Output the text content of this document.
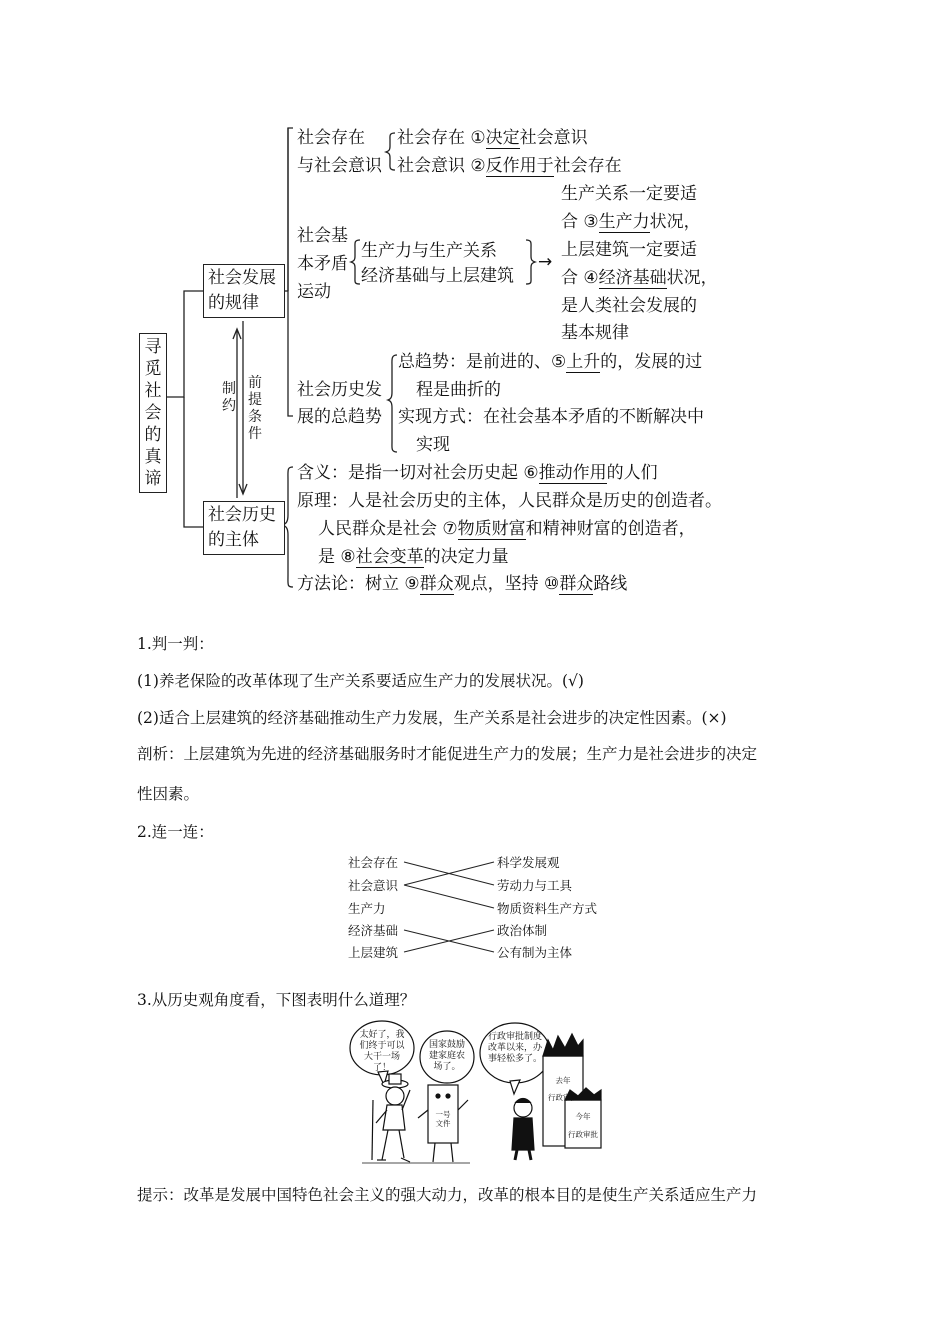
寻觅社会的真谛
社会发展
的规律
社会历史
的主体
制约
前提条件
社会存在
与社会意识
社会存在 ①决定社会意识
社会意识 ②反作用于社会存在
社会基
本矛盾
运动
生产力与生产关系
经济基础与上层建筑
→
生产关系一定要适
合 ③生产力状况，
上层建筑一定要适
合 ④经济基础状况，
是人类社会发展的
基本规律
社会历史发
展的总趋势
总趋势：是前进的、⑤上升的，发展的过
程是曲折的
实现方式：在社会基本矛盾的不断解决中
实现
含义：是指一切对社会历史起 ⑥推动作用的人们
原理：人是社会历史的主体，人民群众是历史的创造者。
人民群众是社会 ⑦物质财富和精神财富的创造者，
是 ⑧社会变革的决定力量
方法论：树立 ⑨群众观点，坚持 ⑩群众路线
1.判一判：
(1)养老保险的改革体现了生产关系要适应生产力的发展状况。(√)
(2)适合上层建筑的经济基础推动生产力发展，生产关系是社会进步的决定性因素。(×)
剖析：上层建筑为先进的经济基础服务时才能促进生产力的发展；生产力是社会进步的决定
性因素。
2.连一连：
社会存在
社会意识
生产力
经济基础
上层建筑
科学发展观
劳动力与工具
物质资料生产方式
政治体制
公有制为主体
3.从历史观角度看，下图表明什么道理？
太好了，我们终于可以大干一场了！
国家鼓励建家庭农场了。
行政审批制度改革以来，办事轻松多了。
一号文件
去年
行政审批
今年
行政审批
提示：改革是发展中国特色社会主义的强大动力，改革的根本目的是使生产关系适应生产力
